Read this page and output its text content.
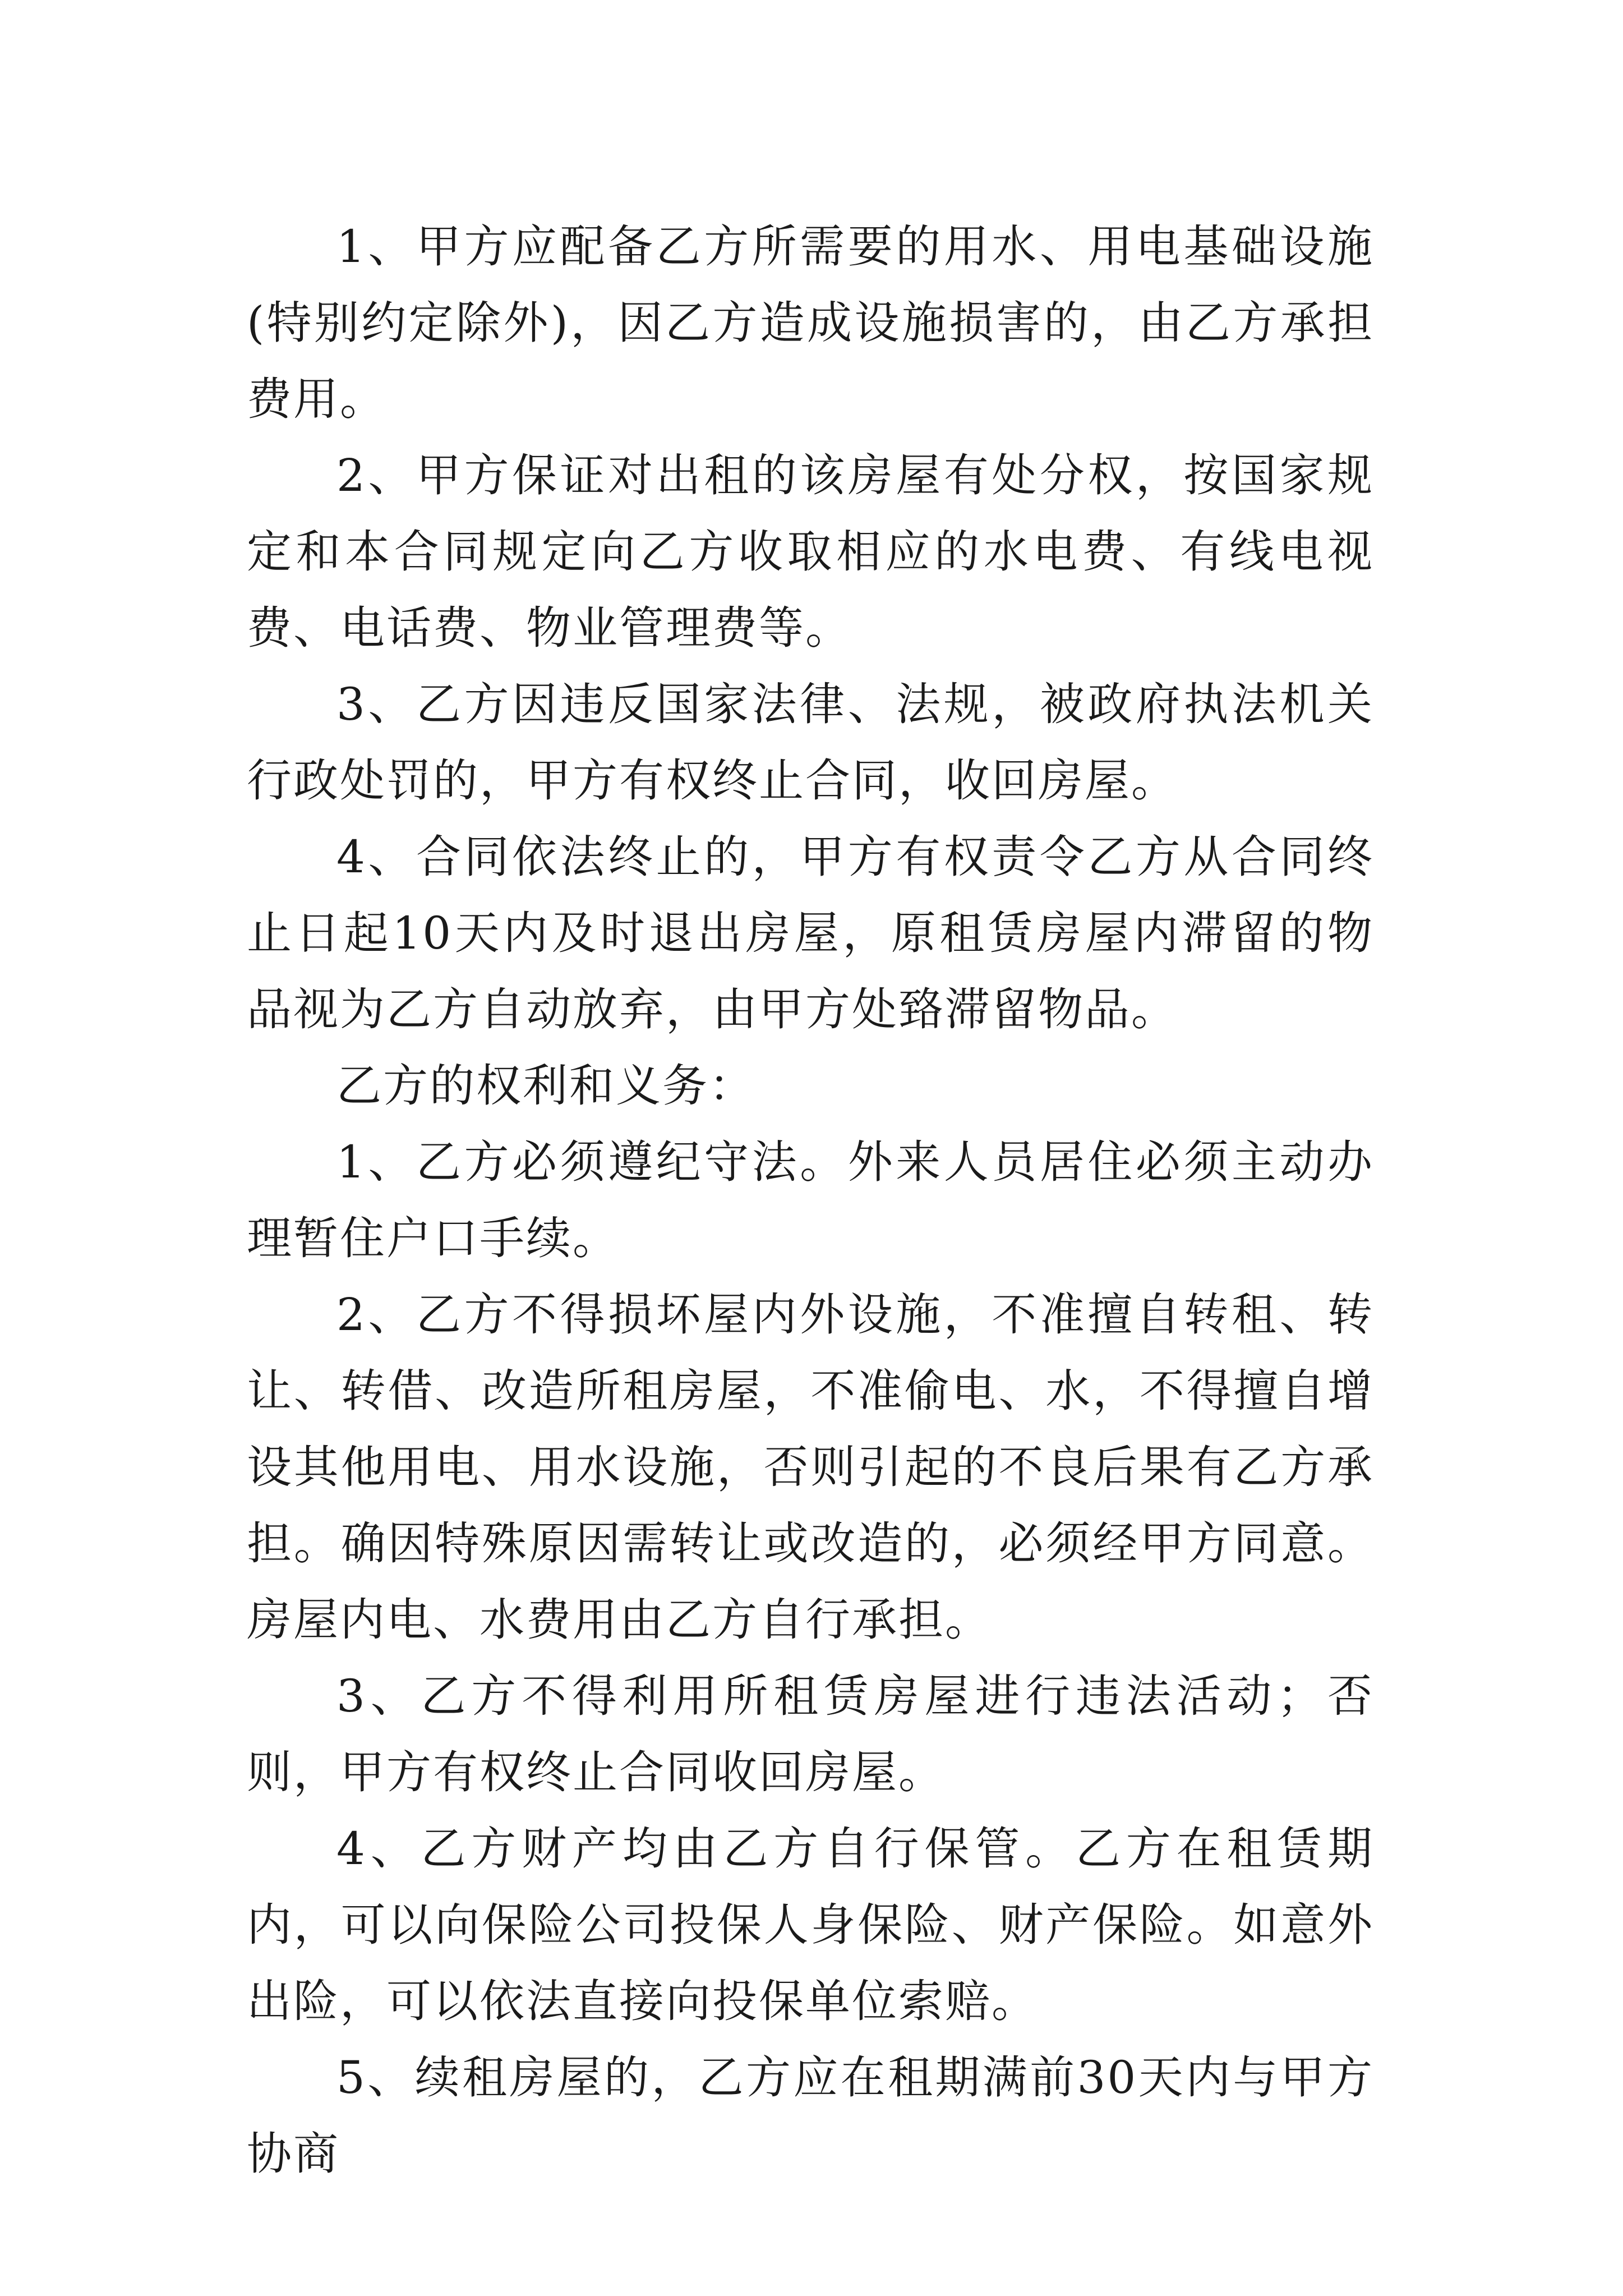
1、甲方应配备乙方所需要的用水、用电基础设施(特别约定除外)，因乙方造成设施损害的，由乙方承担费用。

2、甲方保证对出租的该房屋有处分权，按国家规定和本合同规定向乙方收取相应的水电费、有线电视费、电话费、物业管理费等。

3、乙方因违反国家法律、法规，被政府执法机关行政处罚的，甲方有权终止合同，收回房屋。

4、合同依法终止的，甲方有权责令乙方从合同终止日起10天内及时退出房屋，原租赁房屋内滞留的物品视为乙方自动放弃，由甲方处臵滞留物品。

乙方的权利和义务：

1、乙方必须遵纪守法。外来人员居住必须主动办理暂住户口手续。

2、乙方不得损坏屋内外设施，不准擅自转租、转让、转借、改造所租房屋，不准偷电、水，不得擅自增设其他用电、用水设施，否则引起的不良后果有乙方承担。确因特殊原因需转让或改造的，必须经甲方同意。房屋内电、水费用由乙方自行承担。

3、乙方不得利用所租赁房屋进行违法活动；否则，甲方有权终止合同收回房屋。

4、乙方财产均由乙方自行保管。乙方在租赁期内，可以向保险公司投保人身保险、财产保险。如意外出险，可以依法直接向投保单位索赔。

5、续租房屋的，乙方应在租期满前30天内与甲方协商
